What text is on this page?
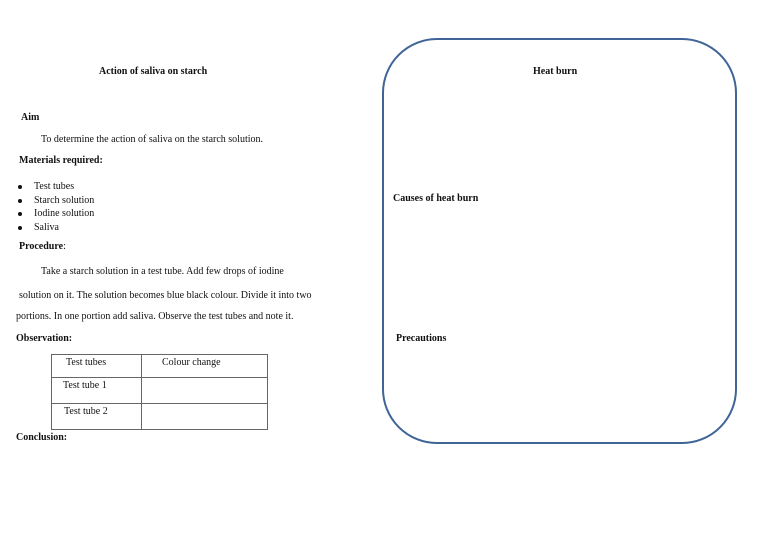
Action of saliva on starch
Aim
To determine the action of saliva on the starch solution.
Materials required:
Test tubes
Starch solution
Iodine solution
Saliva
Procedure:
Take a starch solution in a test tube. Add few drops of iodine
solution on it. The solution becomes blue black colour. Divide it into two
portions. In one portion add saliva. Observe the test tubes and note it.
Observation:
Test tubes	Colour change
Test tube 1	
Test tube 2	
Conclusion:
Heat burn
Causes of heat burn
Precautions
